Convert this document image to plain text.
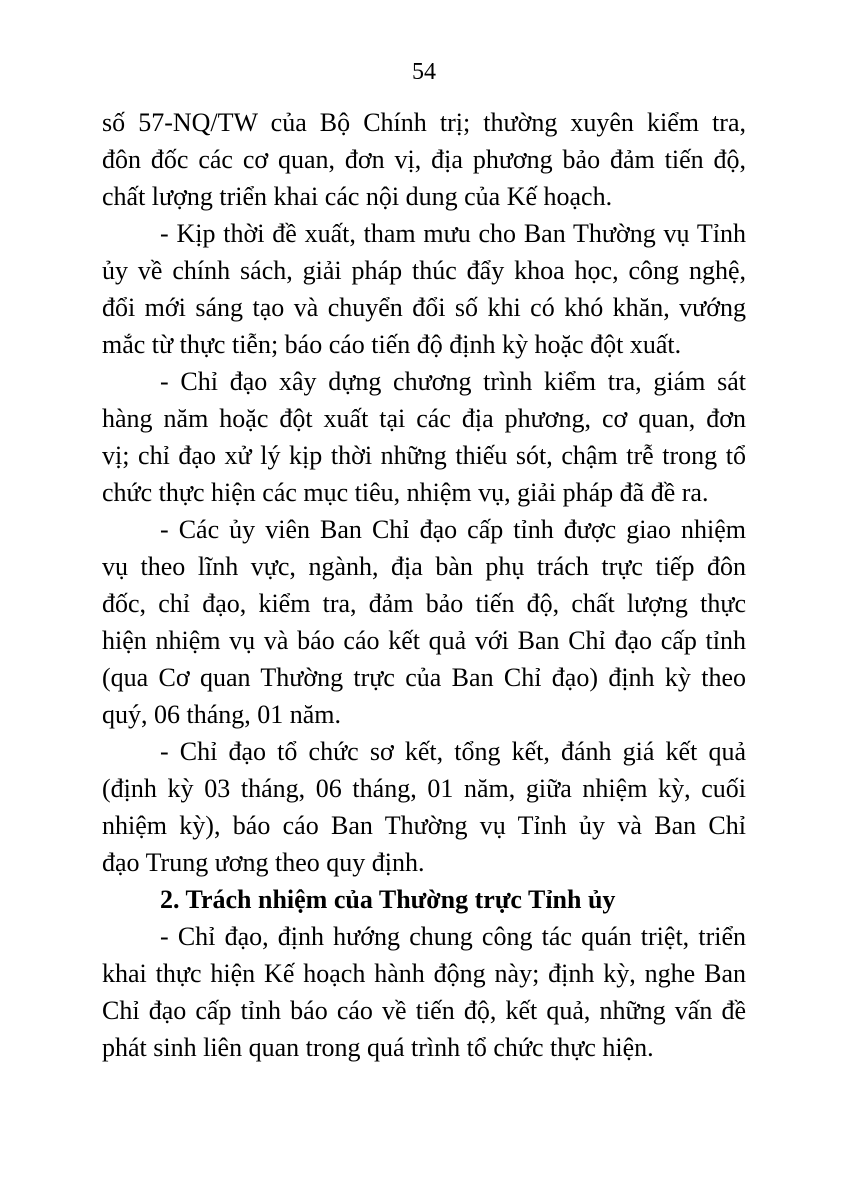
54
số 57-NQ/TW của Bộ Chính trị; thường xuyên kiểm tra,
đôn đốc các cơ quan, đơn vị, địa phương bảo đảm tiến độ,
chất lượng triển khai các nội dung của Kế hoạch.
- Kịp thời đề xuất, tham mưu cho Ban Thường vụ Tỉnh
ủy về chính sách, giải pháp thúc đẩy khoa học, công nghệ,
đổi mới sáng tạo và chuyển đổi số khi có khó khăn, vướng
mắc từ thực tiễn; báo cáo tiến độ định kỳ hoặc đột xuất.
- Chỉ đạo xây dựng chương trình kiểm tra, giám sát
hàng năm hoặc đột xuất tại các địa phương, cơ quan, đơn
vị; chỉ đạo xử lý kịp thời những thiếu sót, chậm trễ trong tổ
chức thực hiện các mục tiêu, nhiệm vụ, giải pháp đã đề ra.
- Các ủy viên Ban Chỉ đạo cấp tỉnh được giao nhiệm
vụ theo lĩnh vực, ngành, địa bàn phụ trách trực tiếp đôn
đốc, chỉ đạo, kiểm tra, đảm bảo tiến độ, chất lượng thực
hiện nhiệm vụ và báo cáo kết quả với Ban Chỉ đạo cấp tỉnh
(qua Cơ quan Thường trực của Ban Chỉ đạo) định kỳ theo
quý, 06 tháng, 01 năm.
- Chỉ đạo tổ chức sơ kết, tổng kết, đánh giá kết quả
(định kỳ 03 tháng, 06 tháng, 01 năm, giữa nhiệm kỳ, cuối
nhiệm kỳ), báo cáo Ban Thường vụ Tỉnh ủy và Ban Chỉ
đạo Trung ương theo quy định.
2. Trách nhiệm của Thường trực Tỉnh ủy
- Chỉ đạo, định hướng chung công tác quán triệt, triển
khai thực hiện Kế hoạch hành động này; định kỳ, nghe Ban
Chỉ đạo cấp tỉnh báo cáo về tiến độ, kết quả, những vấn đề
phát sinh liên quan trong quá trình tổ chức thực hiện.
